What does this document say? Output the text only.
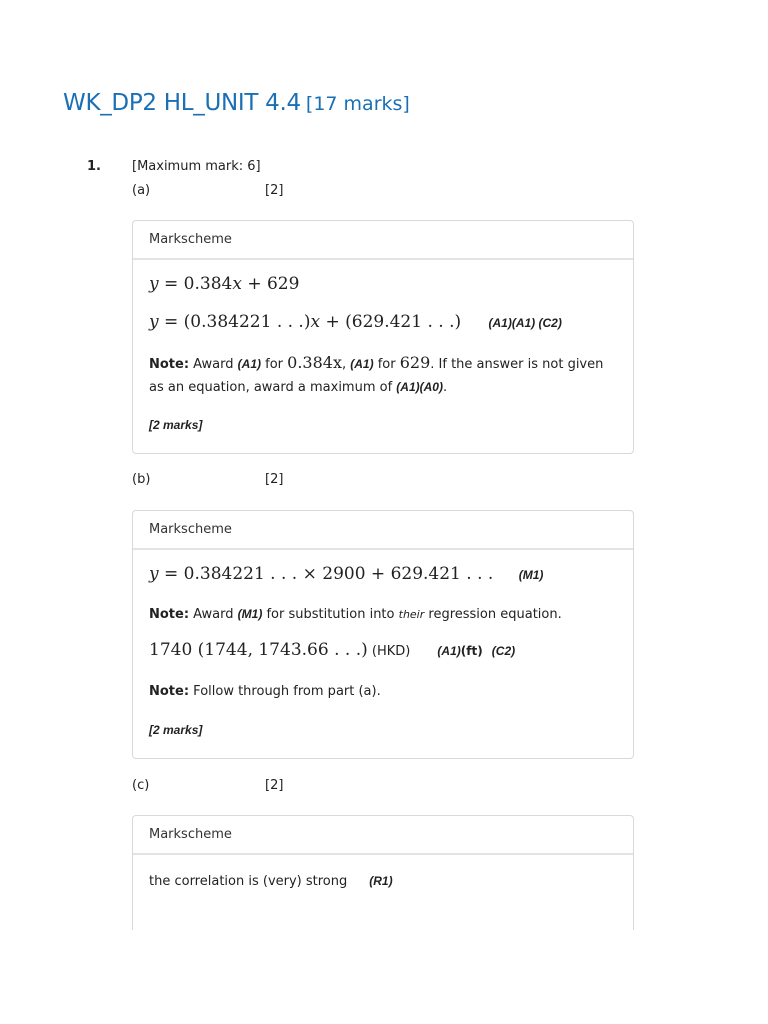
WK_DP2 HL_UNIT 4.4 [17 marks]
1. [Maximum mark: 6]
(a)	[2]
Markscheme
y = 0.384x + 629
y = (0.384221 . . .)x + (629.421 . . .) (A1)(A1) (C2)
Note: Award (A1) for 0.384x, (A1) for 629. If the answer is not given as an equation, award a maximum of (A1)(A0).
[2 marks]
(b)	[2]
Markscheme
y = 0.384221 . . . × 2900 + 629.421 . . . (M1)
Note: Award (M1) for substitution into their regression equation.
1740 (1744, 1743.66 . . .) (HKD) (A1)(ft) (C2)
Note: Follow through from part (a).
[2 marks]
(c)	[2]
Markscheme
the correlation is (very) strong (R1)
